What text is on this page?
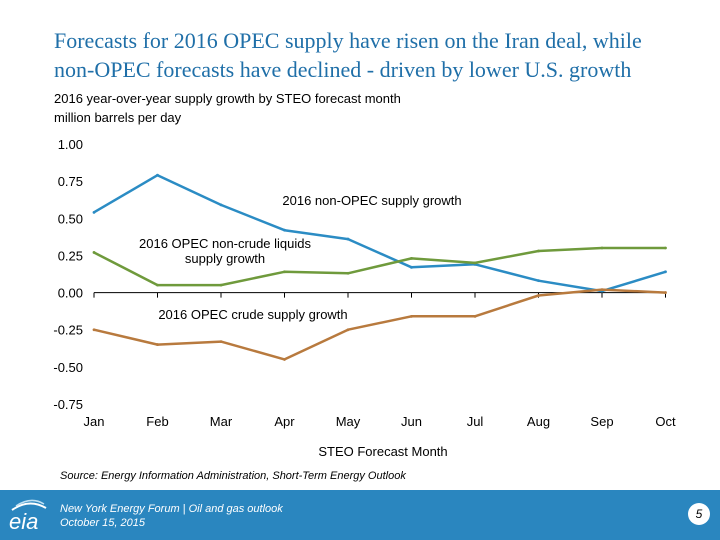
Forecasts for 2016 OPEC supply have risen on the Iran deal, while
non-OPEC forecasts have declined - driven by lower U.S. growth
2016 year-over-year supply growth by STEO forecast month
million barrels per day
1.00
0.75
0.50
0.25
0.00
-0.25
-0.50
-0.75
Jan	Feb	Mar	Apr	May	Jun	Jul	Aug	Sep	Oct
2016 non-OPEC supply growth
2016 OPEC non-crude liquids supply growth
2016 OPEC crude supply growth
STEO Forecast Month
Source: Energy Information Administration, Short-Term Energy Outlook
eia New York Energy Forum | Oil and gas outlook
October 15, 2015
5
